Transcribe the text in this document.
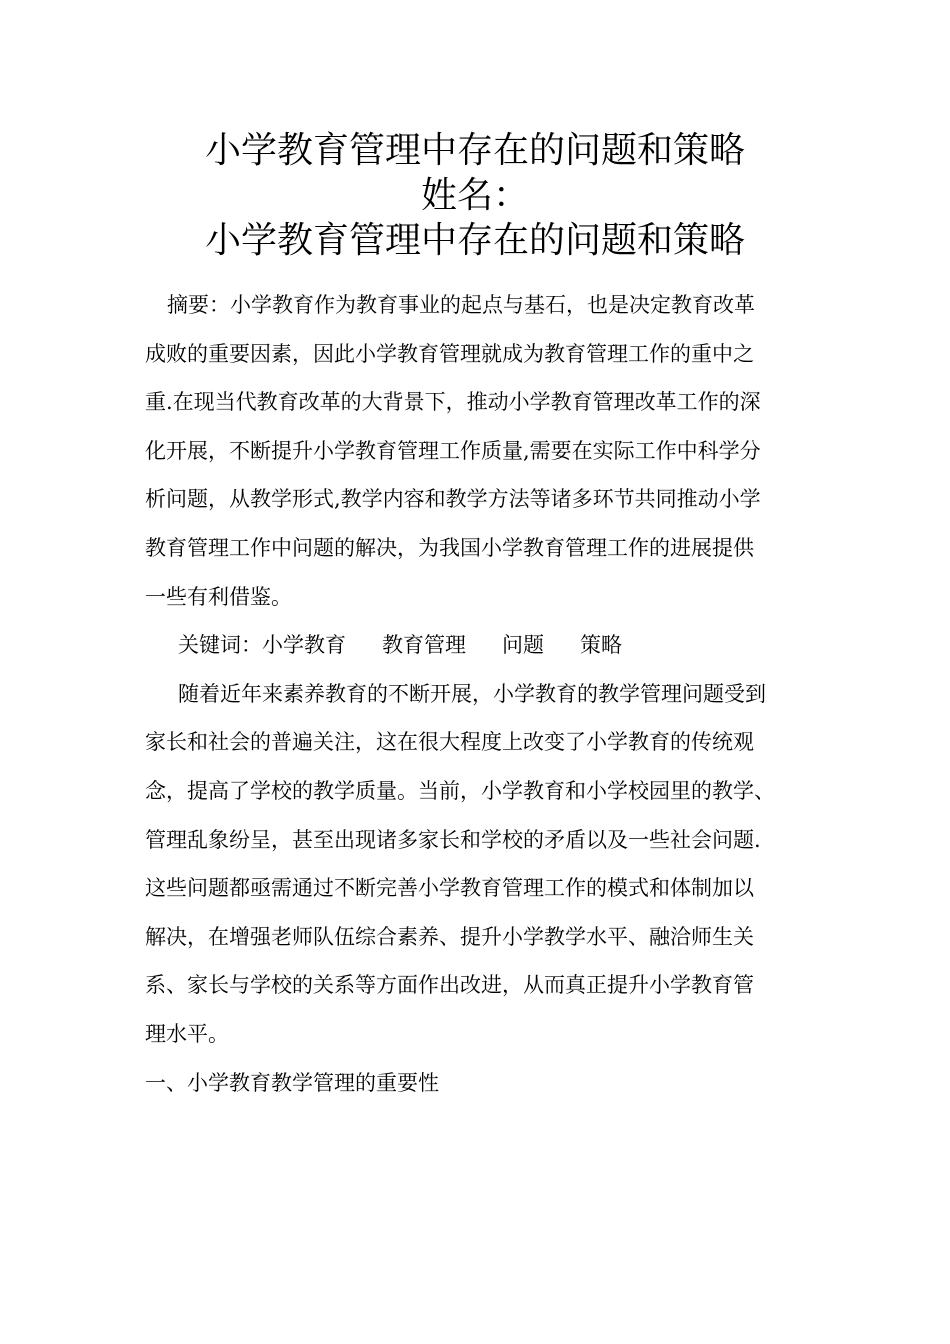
小学教育管理中存在的问题和策略
姓名：
小学教育管理中存在的问题和策略
摘要：小学教育作为教育事业的起点与基石，也是决定教育改革
成败的重要因素，因此小学教育管理就成为教育管理工作的重中之
重.在现当代教育改革的大背景下，推动小学教育管理改革工作的深
化开展，不断提升小学教育管理工作质量,需要在实际工作中科学分
析问题，从教学形式,教学内容和教学方法等诸多环节共同推动小学
教育管理工作中问题的解决，为我国小学教育管理工作的进展提供
一些有利借鉴。
关键词：小学教育 教育管理 问题 策略
随着近年来素养教育的不断开展，小学教育的教学管理问题受到
家长和社会的普遍关注，这在很大程度上改变了小学教育的传统观
念，提高了学校的教学质量。当前，小学教育和小学校园里的教学、
管理乱象纷呈，甚至出现诸多家长和学校的矛盾以及一些社会问题.
这些问题都亟需通过不断完善小学教育管理工作的模式和体制加以
解决，在增强老师队伍综合素养、提升小学教学水平、融洽师生关
系、家长与学校的关系等方面作出改进，从而真正提升小学教育管
理水平。
一、小学教育教学管理的重要性
